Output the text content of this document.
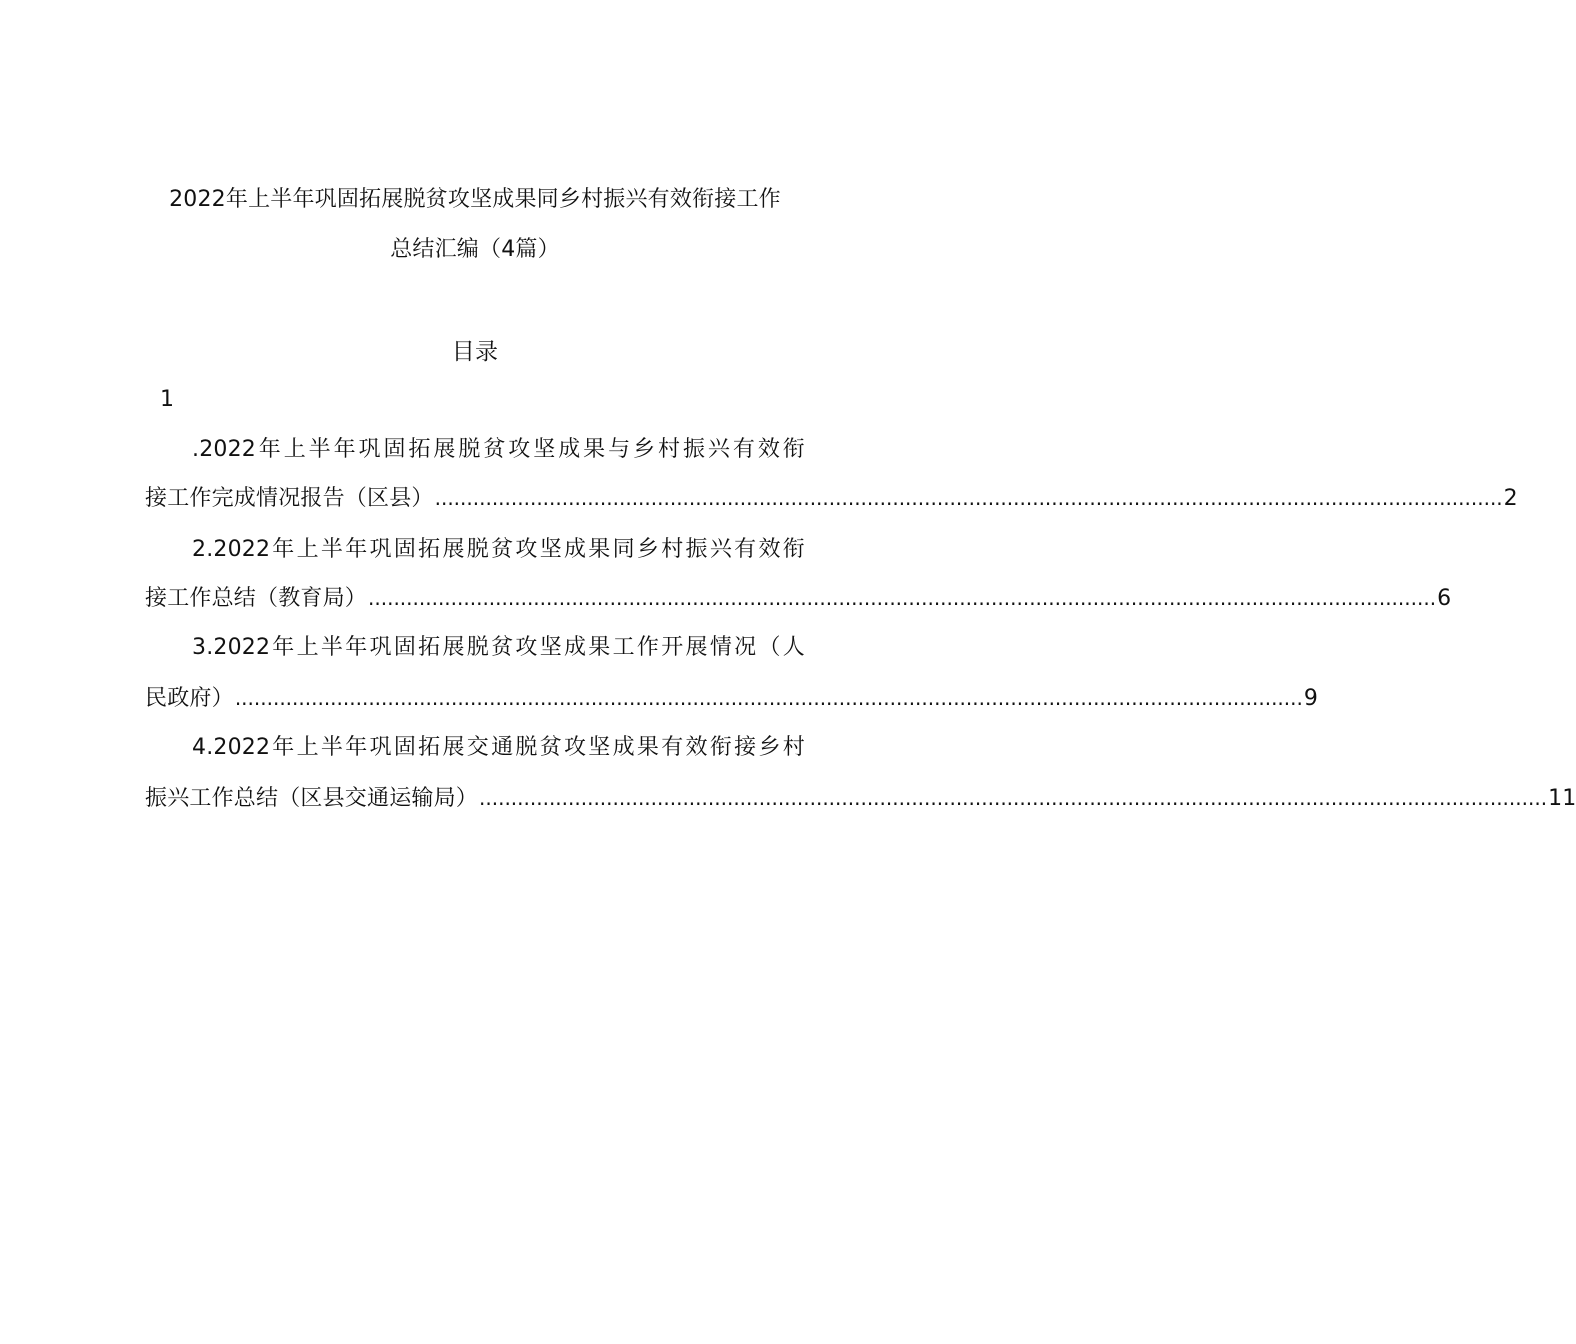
2022年上半年巩固拓展脱贫攻坚成果同乡村振兴有效衔接工作
总结汇编（4篇）
目录
1
.2022年上半年巩固拓展脱贫攻坚成果与乡村振兴有效衔
接工作完成情况报告（区县） ........................................................................................................................................................................ 2
2.2022年上半年巩固拓展脱贫攻坚成果同乡村振兴有效衔
接工作总结（教育局） ........................................................................................................................................................................ 6
3.2022年上半年巩固拓展脱贫攻坚成果工作开展情况（人
民政府） ........................................................................................................................................................................ 9
4.2022年上半年巩固拓展交通脱贫攻坚成果有效衔接乡村
振兴工作总结（区县交通运输局） ........................................................................................................................................................................ 11
